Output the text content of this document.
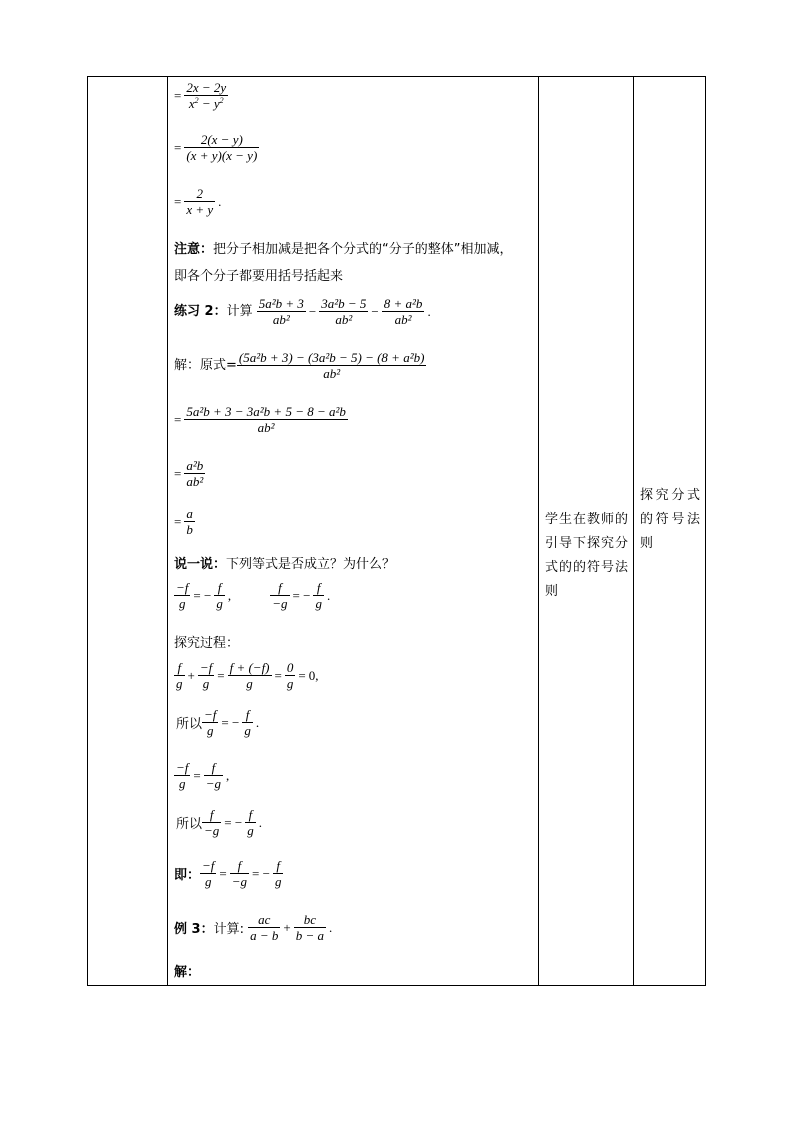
= $\frac{2x - 2y}{x^2 - y^2}$
= $\frac{2(x - y)}{(x + y)(x - y)}$
= $\frac{2}{x + y}$ .
注意：把分子相加减是把各个分式的“分子的整体”相加减，
即各个分子都要用括号括起来
练习 2：计算 $\frac{\text{5a²b + 3}}{\text{ab²}} - \frac{\text{3a²b − 5}}{\text{ab²}} - \frac{\text{8 + a²b}}{\text{ab²}}$ .
解：原式= $\frac{\text{(5a²b + 3) − (3a²b − 5) − (8 + a²b)}}{\text{ab²}}$
= $\frac{\text{5a²b + 3 − 3a²b + 5 − 8 − a²b}}{\text{ab²}}$
= $\frac{\text{a²b}}{\text{ab²}}$
= $\frac{a}{b}$
说一说：下列等式是否成立？为什么？
$\frac{-f}{g}$ = − $\frac{f}{g}$ ,	$\frac{f}{-g}$ = − $\frac{f}{g}$ .
探究过程：
$\frac{f}{g} + \frac{-f}{g} = \frac{f + (-f)}{g} = \frac{0}{g} = 0$,
所以 $\frac{-f}{g}$ = − $\frac{f}{g}$ .
$\frac{-f}{g} = \frac{f}{-g}$ ,
所以 $\frac{f}{-g}$ = − $\frac{f}{g}$ .
即： $\frac{-f}{g} = \frac{f}{-g}$ = − $\frac{f}{g}$
例 3：计算: $\frac{ac}{a - b} + \frac{bc}{b - a}$ .
解：
学生在教师的引导下探究分式的的符号法则
探究分式的符号法则
